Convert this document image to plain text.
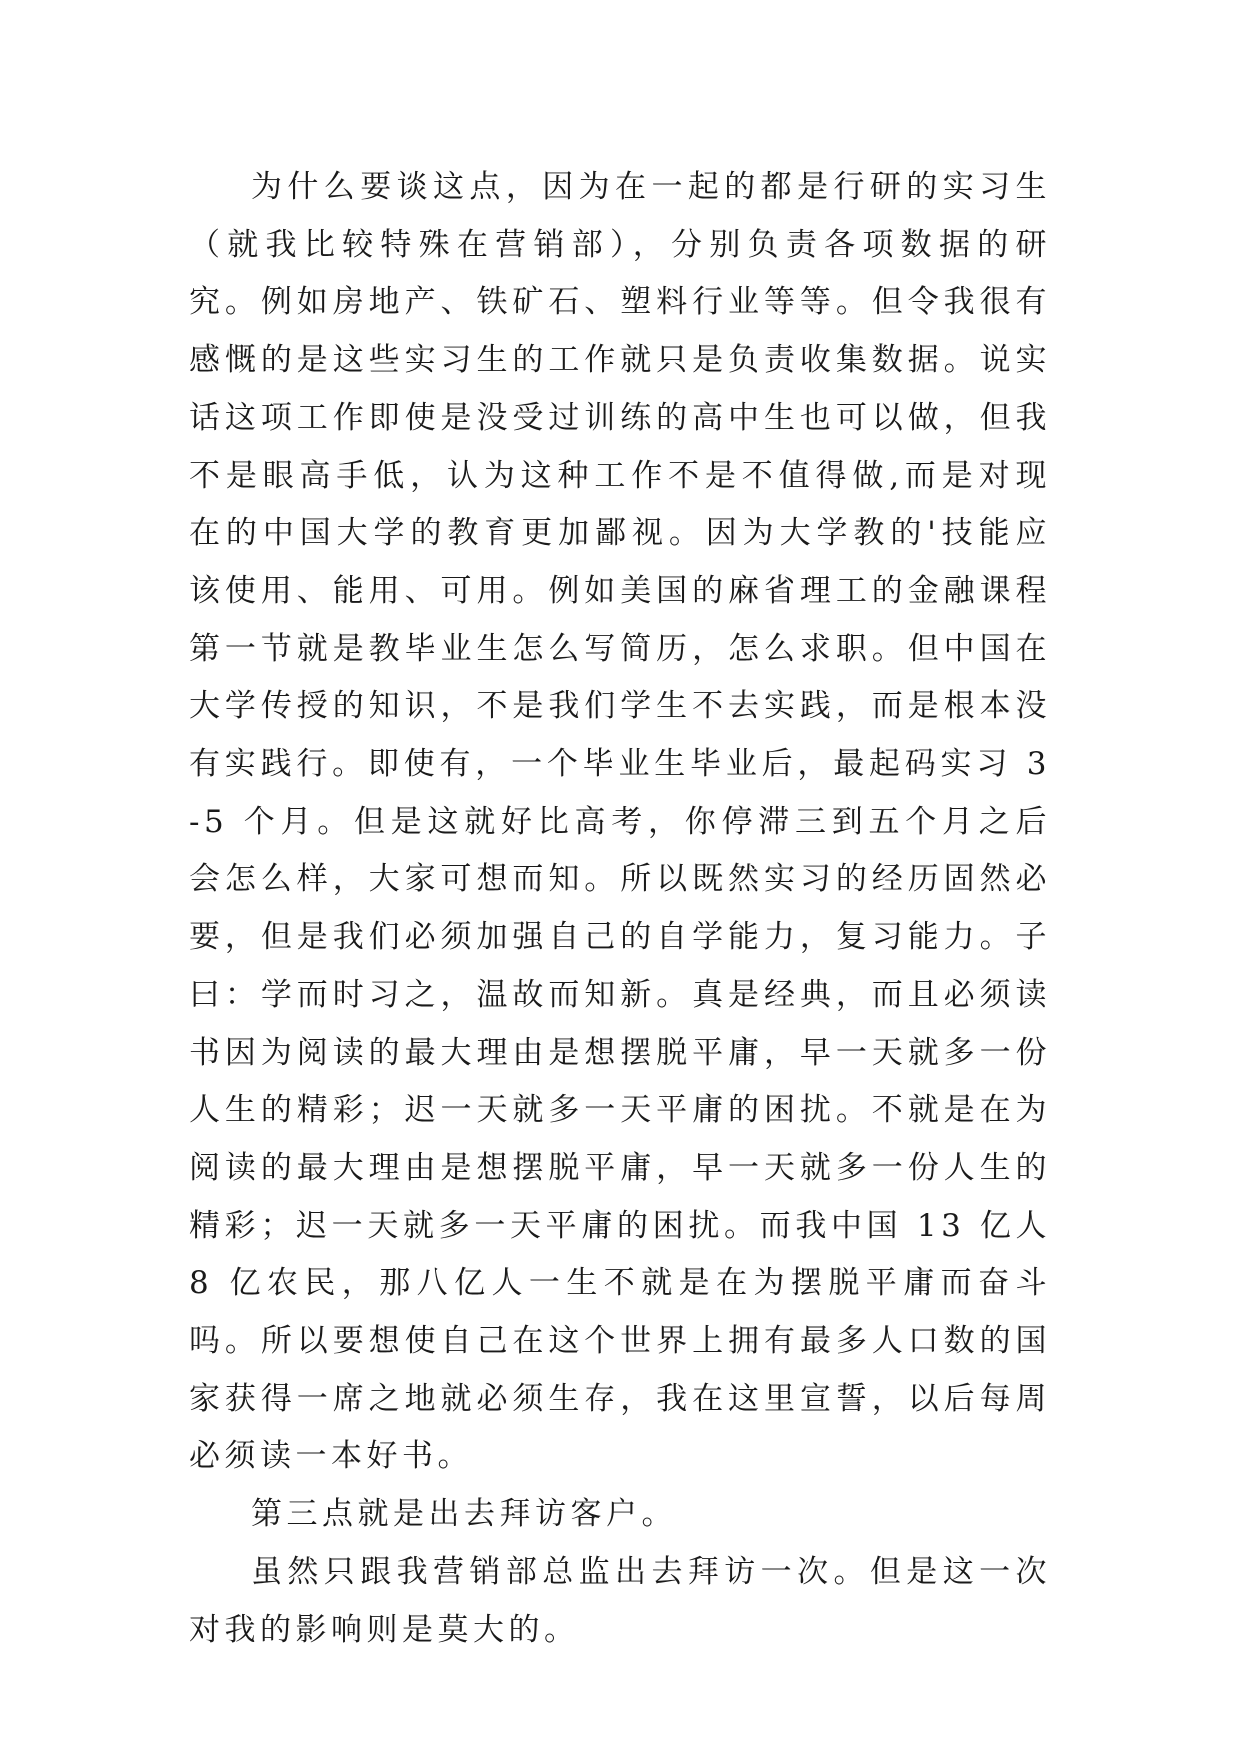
为什么要谈这点，因为在一起的都是行研的实习生（就我比较特殊在营销部），分别负责各项数据的研究。例如房地产、铁矿石、塑料行业等等。但令我很有感慨的是这些实习生的工作就只是负责收集数据。说实话这项工作即使是没受过训练的高中生也可以做，但我不是眼高手低，认为这种工作不是不值得做,而是对现在的中国大学的教育更加鄙视。因为大学教的'技能应该使用、能用、可用。例如美国的麻省理工的金融课程第一节就是教毕业生怎么写简历，怎么求职。但中国在大学传授的知识，不是我们学生不去实践，而是根本没有实践行。即使有，一个毕业生毕业后，最起码实习 3-5 个月。但是这就好比高考，你停滞三到五个月之后会怎么样，大家可想而知。所以既然实习的经历固然必要，但是我们必须加强自己的自学能力，复习能力。子曰：学而时习之，温故而知新。真是经典，而且必须读书因为阅读的最大理由是想摆脱平庸，早一天就多一份人生的精彩；迟一天就多一天平庸的困扰。不就是在为阅读的最大理由是想摆脱平庸，早一天就多一份人生的精彩；迟一天就多一天平庸的困扰。而我中国 13 亿人 8 亿农民，那八亿人一生不就是在为摆脱平庸而奋斗吗。所以要想使自己在这个世界上拥有最多人口数的国家获得一席之地就必须生存，我在这里宣誓，以后每周必须读一本好书。

第三点就是出去拜访客户。

虽然只跟我营销部总监出去拜访一次。但是这一次对我的影响则是莫大的。
